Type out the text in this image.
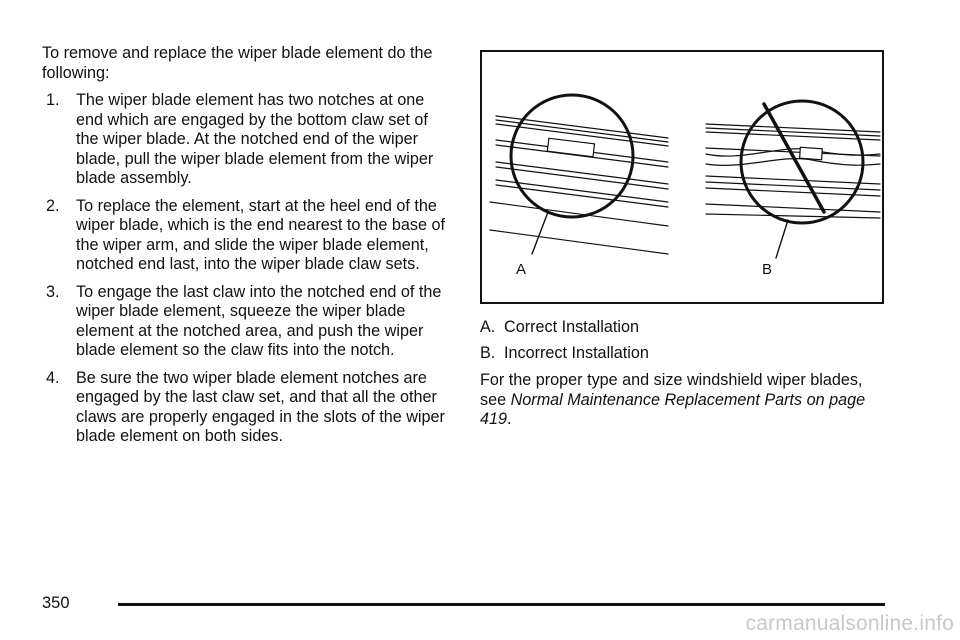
To remove and replace the wiper blade element do the following:

1. The wiper blade element has two notches at one end which are engaged by the bottom claw set of the wiper blade. At the notched end of the wiper blade, pull the wiper blade element from the wiper blade assembly.
2. To replace the element, start at the heel end of the wiper blade, which is the end nearest to the base of the wiper arm, and slide the wiper blade element, notched end last, into the wiper blade claw sets.
3. To engage the last claw into the notched end of the wiper blade element, squeeze the wiper blade element at the notched area, and push the wiper blade element so the claw fits into the notch.
4. Be sure the two wiper blade element notches are engaged by the last claw set, and that all the other claws are properly engaged in the slots of the wiper blade element on both sides.
A	B
A. Correct Installation
B. Incorrect Installation

For the proper type and size windshield wiper blades, see Normal Maintenance Replacement Parts on page 419.

350
carmanualsonline.info
